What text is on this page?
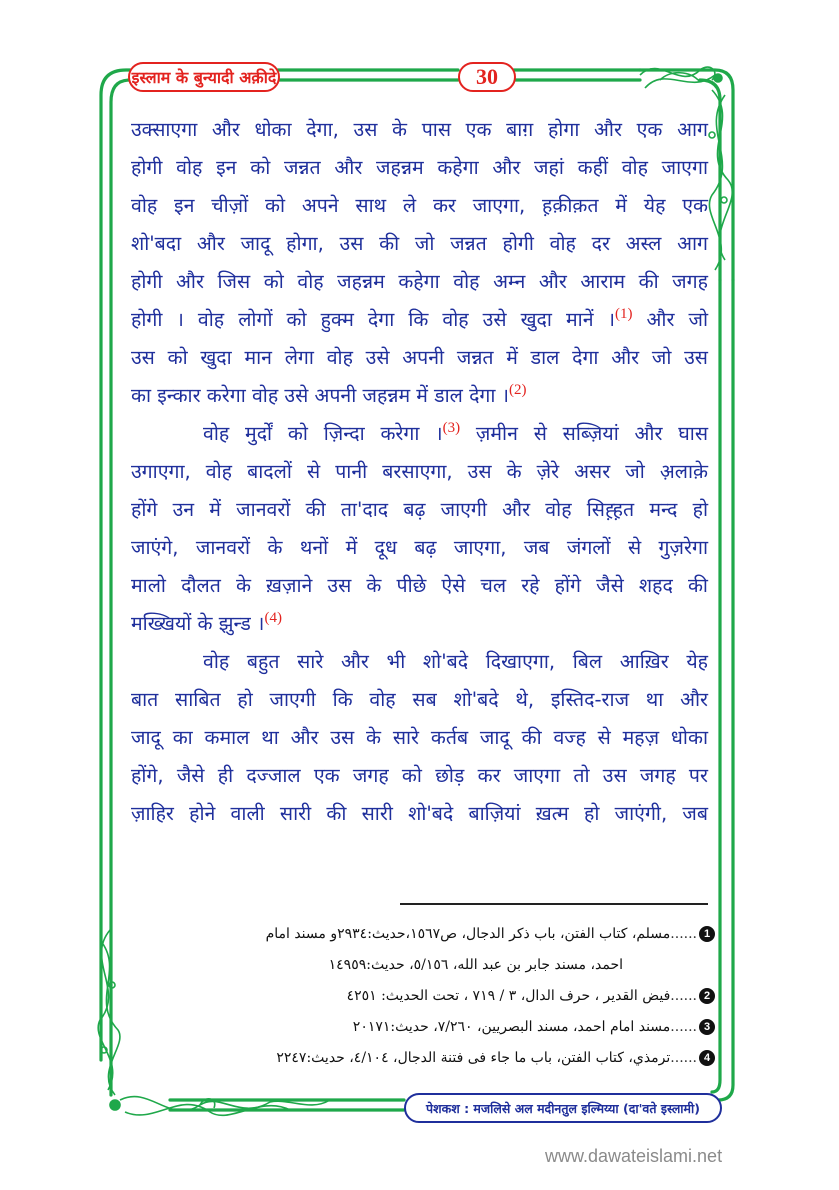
इस्लाम के बुन्यादी अक़ीदे	30
उक्साएगा और धोका देगा, उस के पास एक बाग़ होगा और एक आग
होगी वोह इन को जन्नत और जहन्नम कहेगा और जहां कहीं वोह जाएगा
वोह इन चीज़ों को अपने साथ ले कर जाएगा, ह़क़ीक़त में येह एक
शो'बदा और जादू होगा, उस की जो जन्नत होगी वोह दर अस्ल आग
होगी और जिस को वोह जहन्नम कहेगा वोह अम्न और आराम की जगह
होगी । वोह लोगों को हुक्म देगा कि वोह उसे खुदा मानें ।$^{(1)}$ और जो
उस को खुदा मान लेगा वोह उसे अपनी जन्नत में डाल देगा और जो उस
का इन्कार करेगा वोह उसे अपनी जहन्नम में डाल देगा ।$^{(2)}$
वोह मुर्दों को ज़िन्दा करेगा ।$^{(3)}$ ज़मीन से सब्ज़ियां और घास
उगाएगा, वोह बादलों से पानी बरसाएगा, उस के ज़ेरे असर जो अ़लाक़े
होंगे उन में जानवरों की ता'दाद बढ़ जाएगी और वोह सिह़्ह़त मन्द हो
जाएंगे, जानवरों के थनों में दूध बढ़ जाएगा, जब जंगलों से गुज़रेगा
मालो दौलत के ख़ज़ाने उस के पीछे ऐसे चल रहे होंगे जैसे शहद की
मख्खियों के झुन्ड ।$^{(4)}$
वोह बहुत सारे और भी शो'बदे दिखाएगा, बिल आख़िर येह
बात साबित हो जाएगी कि वोह सब शो'बदे थे, इस्तिद-राज था और
जादू का कमाल था और उस के सारे कर्तब जादू की वज्ह से महज़ धोका
होंगे, जैसे ही दज्जाल एक जगह को छोड़ कर जाएगा तो उस जगह पर
ज़ाहिर होने वाली सारी की सारी शो'बदे बाज़ियां ख़त्म हो जाएंगी, जब
1
......
مسلم، كتاب الفتن، باب ذكر الدجال، ص١٥٦٧،حديث:٢٩٣٤و مسند امام
احمد، مسند جابر بن عبد الله، ٥/١٥٦، حديث:١٤٩٥٩
2
......
فيض القدير ، حرف الدال، ٣ / ٧١٩ ، تحت الحديث: ٤٢٥١
3
......
مسند امام احمد، مسند البصريين، ٧/٢٦٠، حديث:٢٠١٧١
4
......
ترمذي، كتاب الفتن، باب ما جاء فى فتنة الدجال، ٤/١٠٤، حديث:٢٢٤٧
पेशकश : मजलिसे अल मदीनतुल इल्मिय्या (दा'वते इस्लामी)
www.dawateislami.net
